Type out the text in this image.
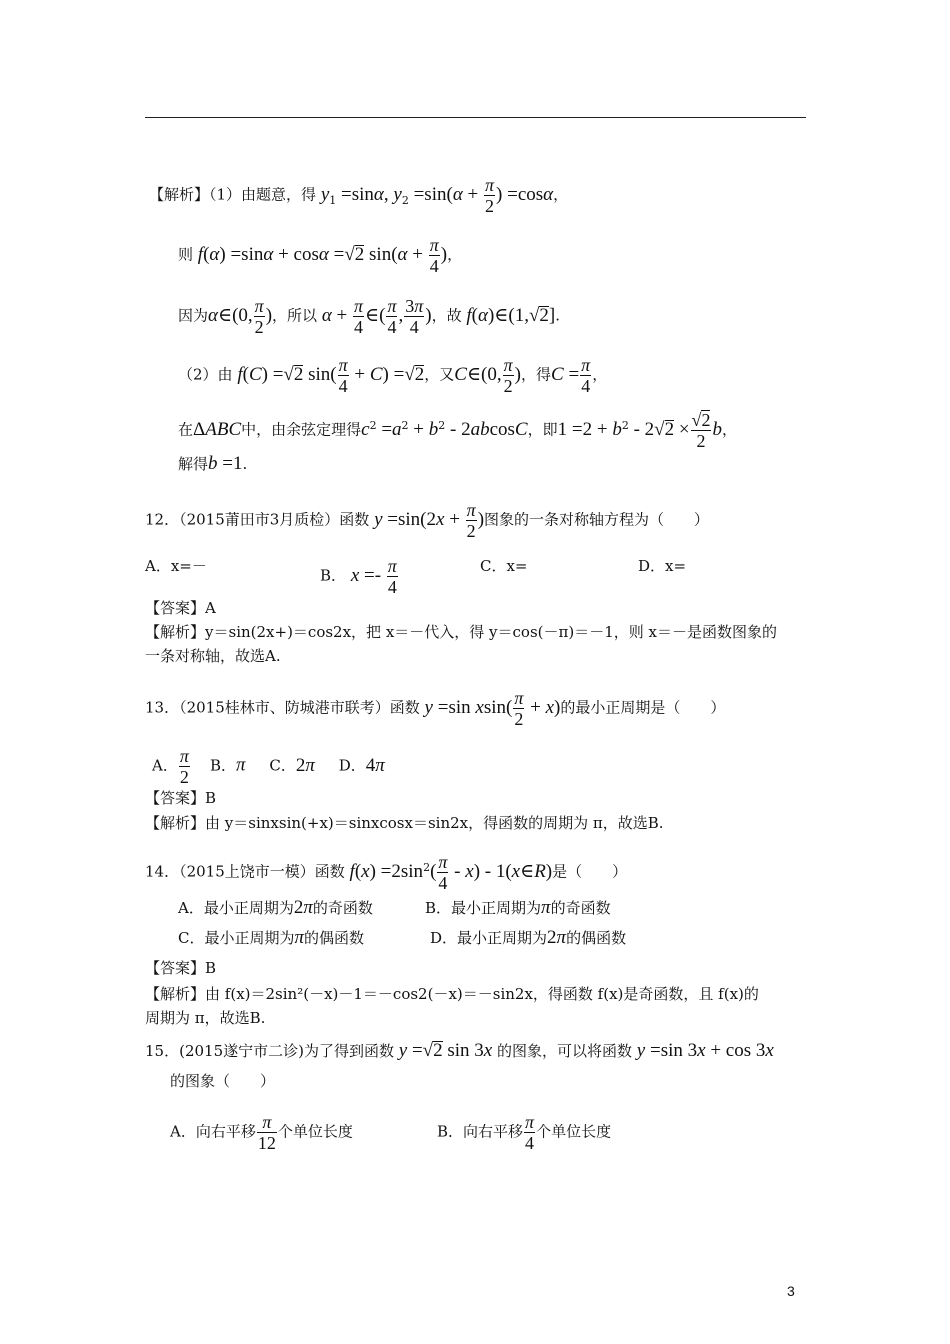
【解析】（1）由题意，得 $y_1 =\sin\alpha$, $y_2 =\sin(\alpha + \frac{\pi}{2}$ ) =cosα，
则 f(α) =sinα + cosα =√2 $\sin(\alpha + \frac{\pi}{4}$ )，
因为α∈(0, $\frac{\pi}{2}$ )，所以 $\alpha + \frac{\pi}{4}$ ∈( $\frac{\pi}{4}$ , $\frac{3\pi}{4}$ )，故 f(α)∈(1,√2].
（2）由 f(C) =√2 $\sin( \frac{\pi}{4} + C) =√2$，又C∈(0, $\frac{\pi}{2}$ )，得$C = \frac{\pi}{4}$ ，
在ΔABC中，由余弦定理得$c^2 =a^2 + b^2 - 2abcosC$，即$1 =2 + b^2 - 2√2 \times \frac{√2}{2}$ b，
解得b =1.
12．（2015莆田市3月质检）函数 $y =\sin(2x + \frac{\pi}{2}$ )图象的一条对称轴方程为（　　）
A．x=－
B． $x =- \frac{\pi}{4}$	C．x=	D．x=
【答案】A
【解析】y＝sin(2x+)＝cos2x，把 x＝－代入，得 y＝cos(－π)＝－1，则 x＝－是函数图象的
一条对称轴，故选A.
13．（2015桂林市、防城港市联考）函数 y =sin $xsin( \frac{\pi}{2} + x)$的最小正周期是（　　）
A． $\frac{\pi}{2}$ B．π C．2π D．4π
【答案】B
【解析】由 y＝sinxsin(+x)＝sinxcosx＝sin2x，得函数的周期为 π，故选B.
14．（2015上饶市一模）函数 $f(x) =2\sin^2( \frac{\pi}{4} - x)$ - 1(x∈R)是（　　）
A．最小正周期为2π的奇函数	B．最小正周期为π的奇函数
C．最小正周期为π的偶函数	D．最小正周期为2π的偶函数
【答案】B
【解析】由 f(x)＝2sin²(－x)－1＝－cos2(－x)＝－sin2x，得函数 f(x)是奇函数，且 f(x)的
周期为 π，故选B.
15．(2015遂宁市二诊)为了得到函数 y =√2 sin 3x 的图象，可以将函数 y =sin 3x + cos 3x
的图象（　　）
A．向右平移 $\frac{\pi}{12}$ 个单位长度	B．向右平移 $\frac{\pi}{4}$ 个单位长度
3
